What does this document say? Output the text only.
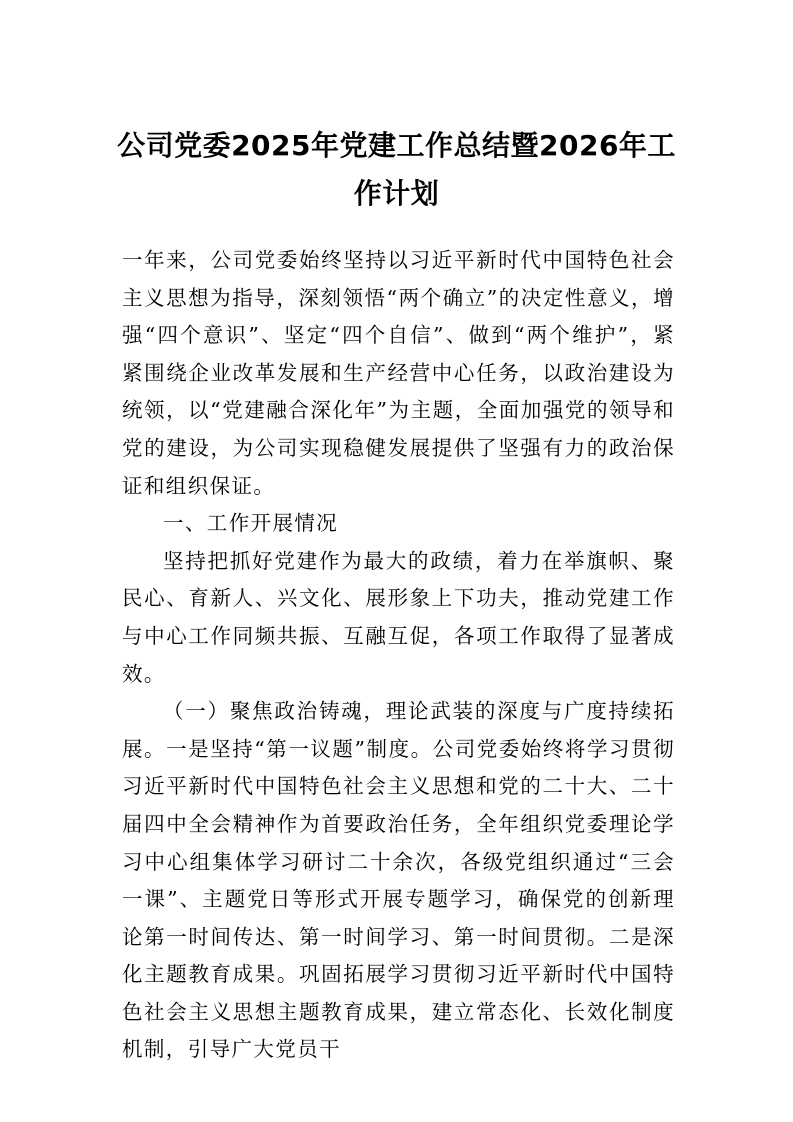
公司党委2025年党建工作总结暨2026年工作计划

一年来，公司党委始终坚持以习近平新时代中国特色社会主义思想为指导，深刻领悟“两个确立”的决定性意义，增强“四个意识”、坚定“四个自信”、做到“两个维护”，紧紧围绕企业改革发展和生产经营中心任务，以政治建设为统领，以“党建融合深化年”为主题，全面加强党的领导和党的建设，为公司实现稳健发展提供了坚强有力的政治保证和组织保证。

一、工作开展情况

坚持把抓好党建作为最大的政绩，着力在举旗帜、聚民心、育新人、兴文化、展形象上下功夫，推动党建工作与中心工作同频共振、互融互促，各项工作取得了显著成效。

（一）聚焦政治铸魂，理论武装的深度与广度持续拓展。一是坚持“第一议题”制度。公司党委始终将学习贯彻习近平新时代中国特色社会主义思想和党的二十大、二十届四中全会精神作为首要政治任务，全年组织党委理论学习中心组集体学习研讨二十余次，各级党组织通过“三会一课”、主题党日等形式开展专题学习，确保党的创新理论第一时间传达、第一时间学习、第一时间贯彻。二是深化主题教育成果。巩固拓展学习贯彻习近平新时代中国特色社会主义思想主题教育成果，建立常态化、长效化制度机制，引导广大党员干
